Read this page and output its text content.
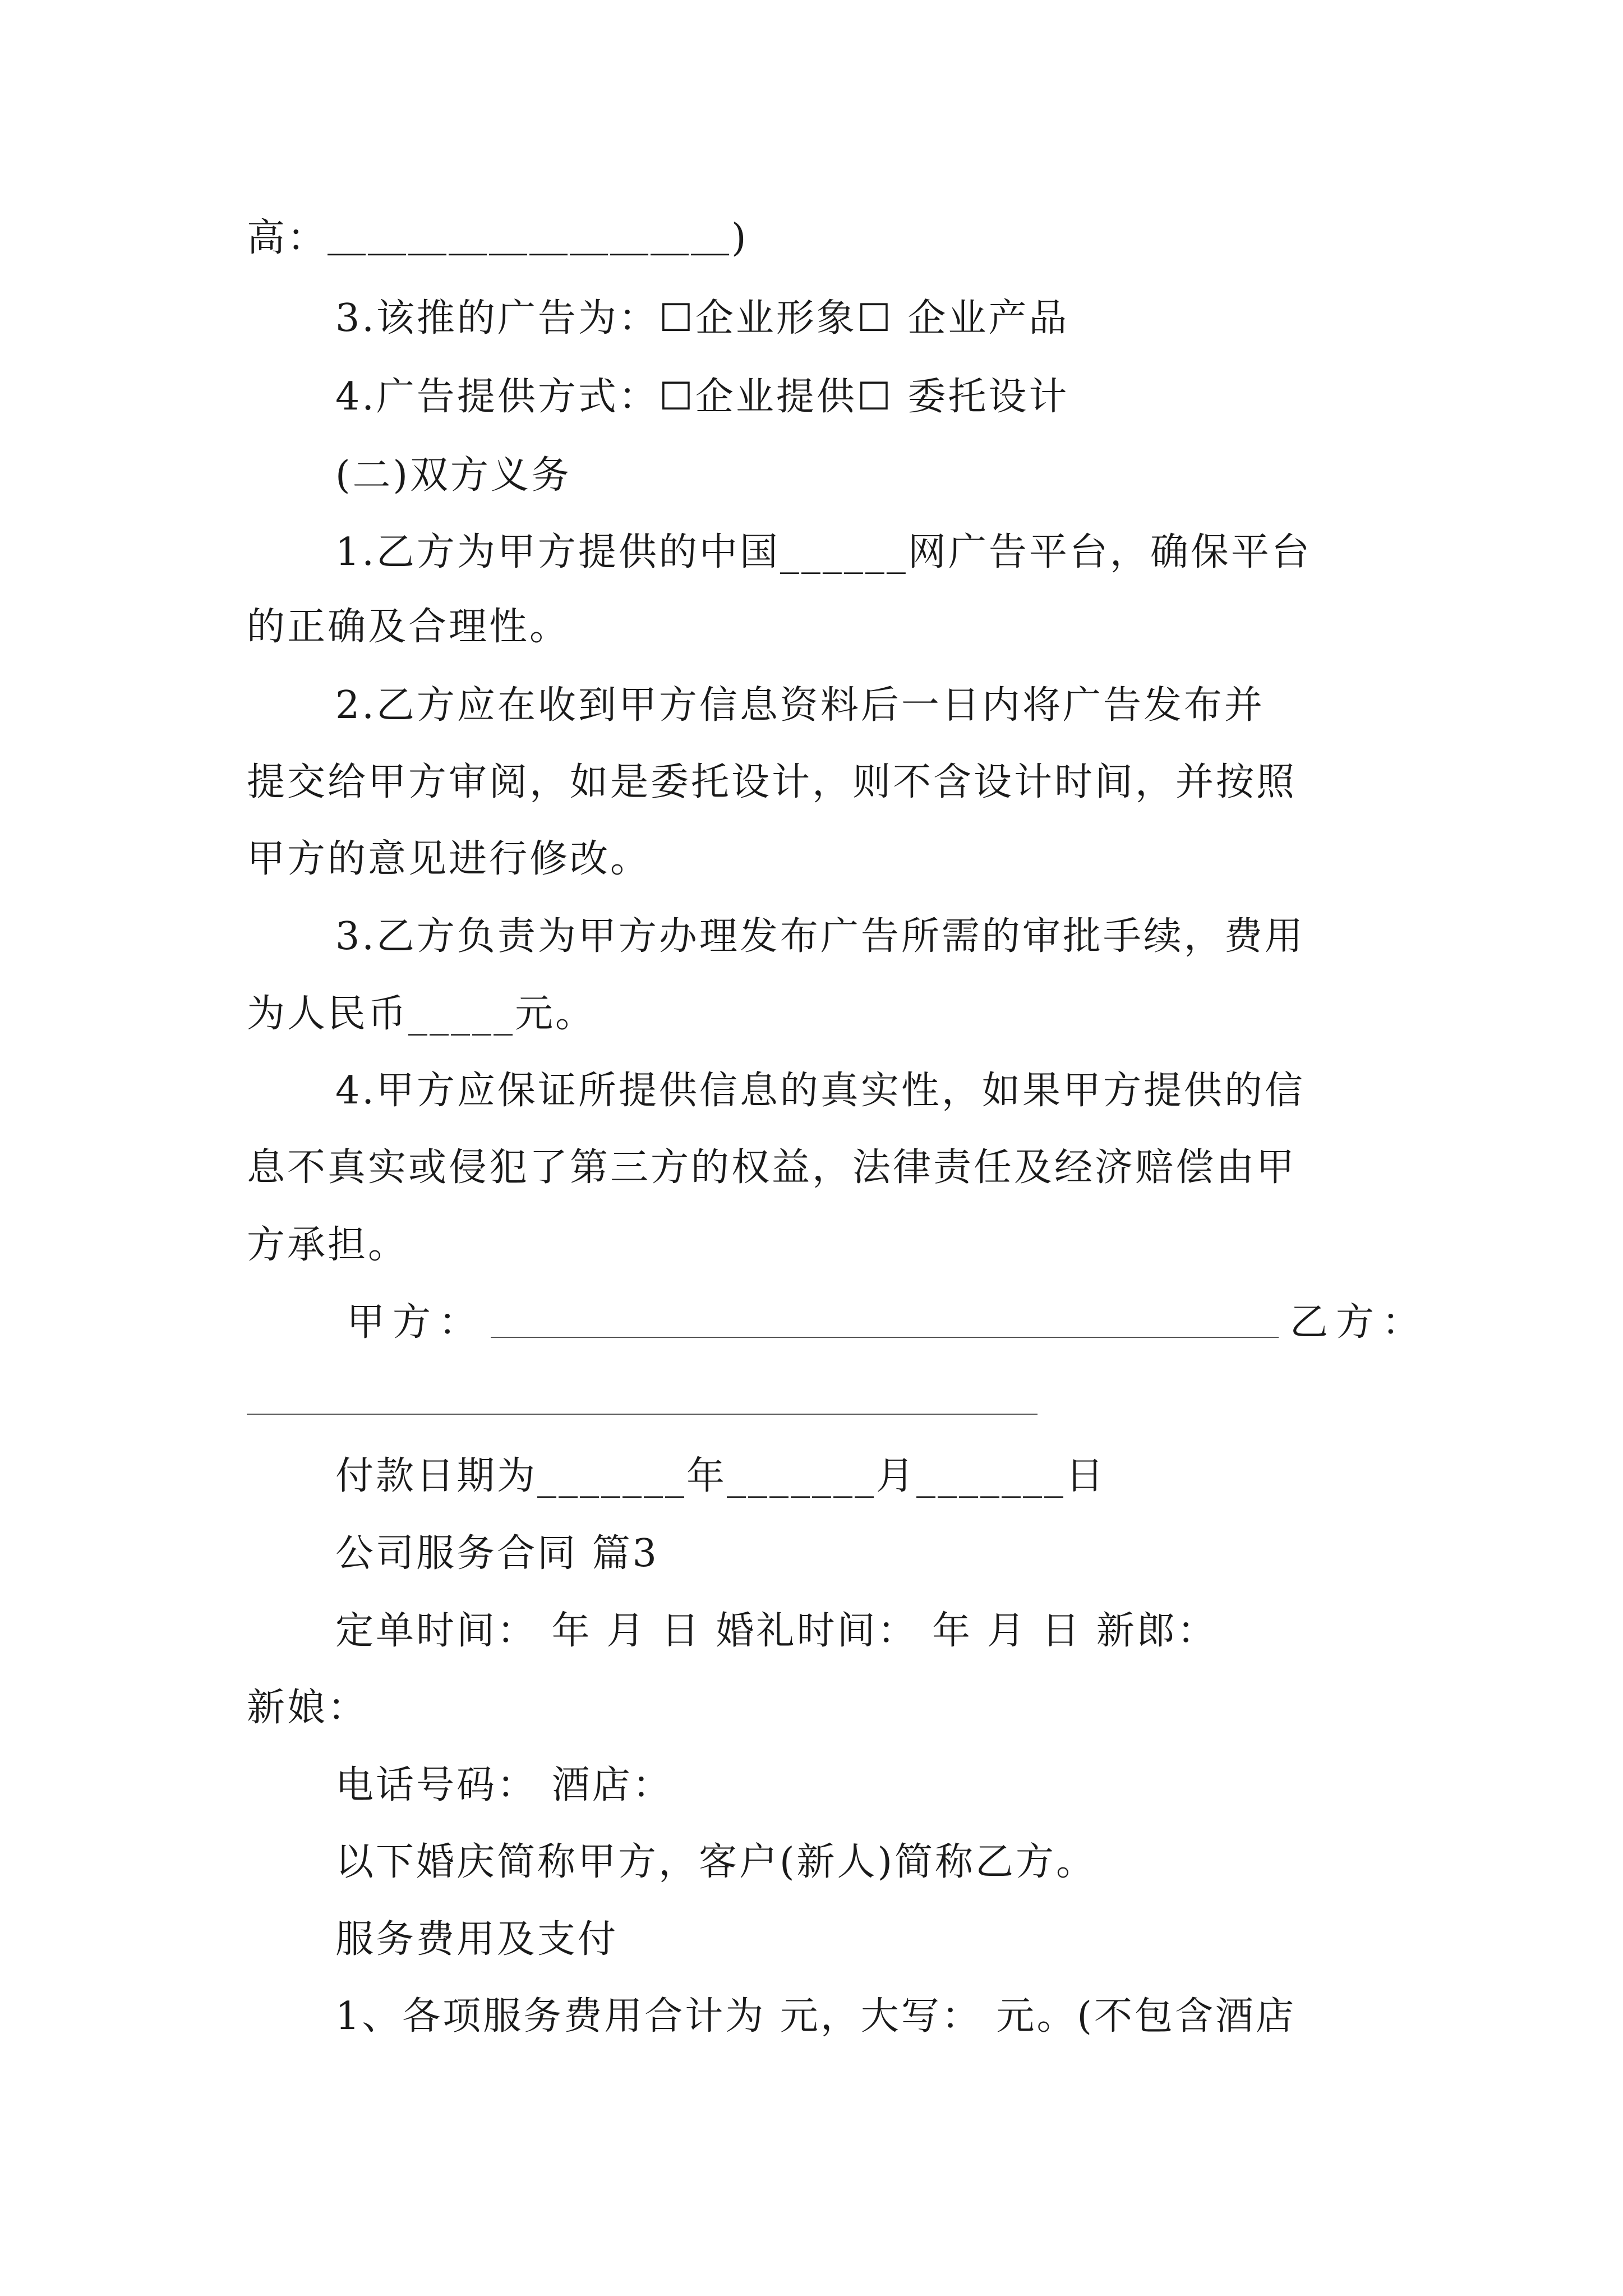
高：＿＿＿＿＿＿＿＿＿＿)
3.该推的广告为：☐企业形象☐ 企业产品
4.广告提供方式：☐企业提供☐ 委托设计
(二)双方义务
1.乙方为甲方提供的中国______网广告平台，确保平台
的正确及合理性。
2.乙方应在收到甲方信息资料后一日内将广告发布并
提交给甲方审阅，如是委托设计，则不含设计时间，并按照
甲方的意见进行修改。
3.乙方负责为甲方办理发布广告所需的审批手续，费用
为人民币_____元。
4.甲方应保证所提供信息的真实性，如果甲方提供的信
息不真实或侵犯了第三方的权益，法律责任及经济赔偿由甲
方承担。
甲方：	乙方：
付款日期为_______年_______月_______日
公司服务合同 篇3
定单时间： 年 月 日 婚礼时间： 年 月 日 新郎：
新娘：
电话号码： 酒店：
以下婚庆简称甲方，客户(新人)简称乙方。
服务费用及支付
1、各项服务费用合计为 元，大写： 元。(不包含酒店
